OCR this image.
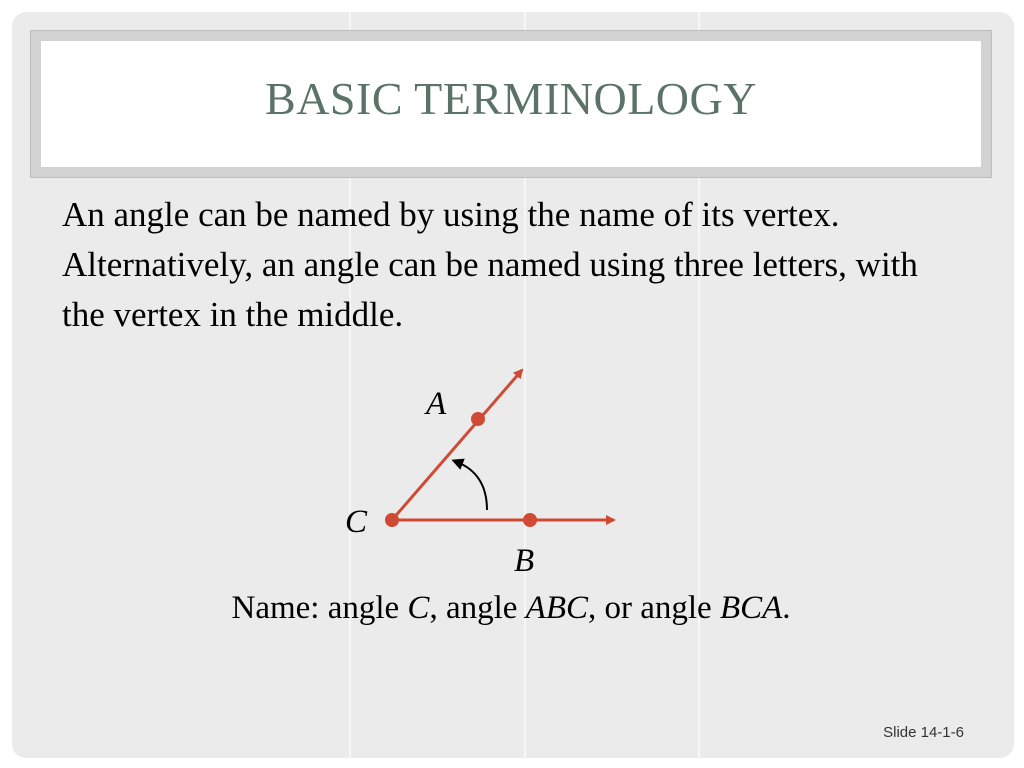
BASIC TERMINOLOGY
An angle can be named by using the name of its vertex. Alternatively, an angle can be named using three letters, with the vertex in the middle.
A
C
B
Name: angle C, angle ABC, or angle BCA.
Slide 14-1-6
